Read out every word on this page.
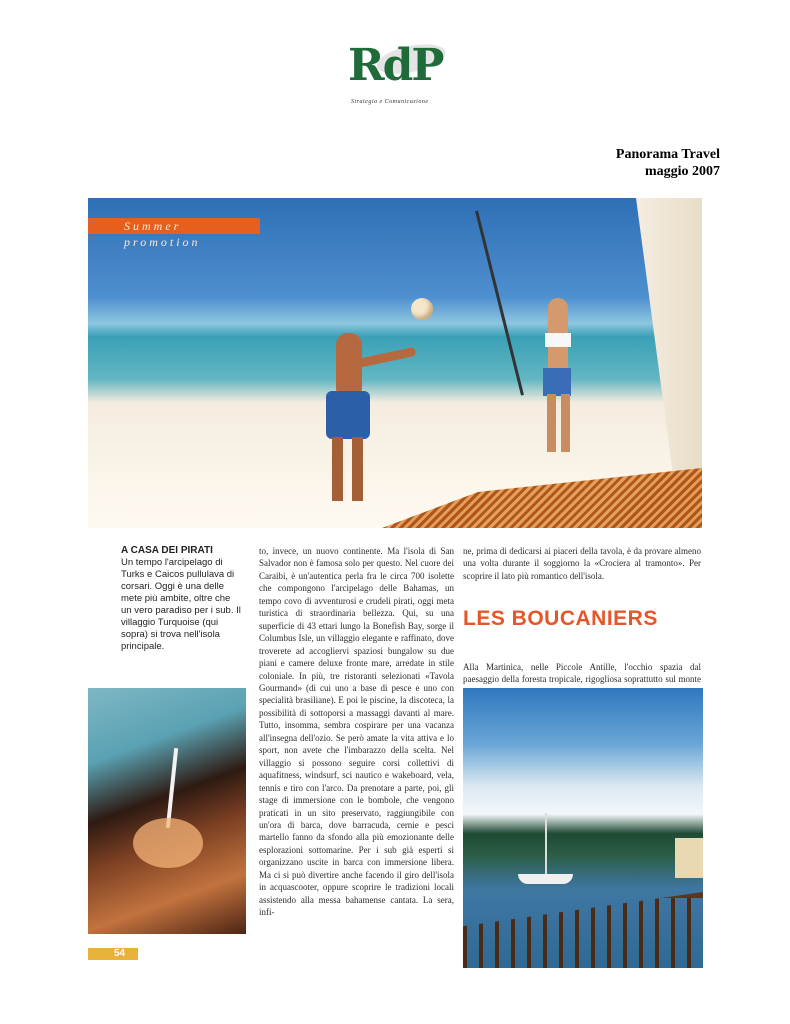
RdP
Strategia e Comunicazione
Panorama Travel
maggio 2007
Summer promotion
A CASA DEI PIRATI
Un tempo l'arcipelago di Turks e Caicos pullulava di corsari. Oggi è una delle mete più ambite, oltre che un vero paradiso per i sub. Il villaggio Turquoise (qui sopra) si trova nell'isola principale.
to, invece, un nuovo continente. Ma l'isola di San Salvador non è famosa solo per questo. Nel cuore dei Caraibi, è un'autentica perla fra le circa 700 isolette che compongono l'arcipelago delle Bahamas, un tempo covo di avventurosi e crudeli pirati, oggi meta turistica di straordinaria bellezza. Qui, su una superficie di 43 ettari lungo la Bonefish Bay, sorge il Columbus Isle, un villaggio elegante e raffinato, dove troverete ad accogliervi spaziosi bungalow su due piani e camere deluxe fronte mare, arredate in stile coloniale. In più, tre ristoranti selezionati «Tavola Gourmand» (di cui uno a base di pesce e uno con specialità brasiliane). E poi le piscine, la discoteca, la possibilità di sottoporsi a massaggi davanti al mare. Tutto, insomma, sembra cospirare per una vacanza all'insegna dell'ozio. Se però amate la vita attiva e lo sport, non avete che l'imbarazzo della scelta. Nel villaggio si possono seguire corsi collettivi di aquafitness, windsurf, sci nautico e wakeboard, vela, tennis e tiro con l'arco. Da prenotare a parte, poi, gli stage di immersione con le bombole, che vengono praticati in un sito preservato, raggiungibile con un'ora di barca, dove barracuda, cernie e pesci martello fanno da sfondo alla più emozionante delle esplorazioni sottomarine. Per i sub già esperti si organizzano uscite in barca con immersione libera. Ma ci si può divertire anche facendo il giro dell'isola in acquascooter, oppure scoprire le tradizioni locali assistendo alla messa bahamense cantata. La sera, infi-
ne, prima di dedicarsi ai piaceri della tavola, è da provare almeno una volta durante il soggiorno la «Crociera al tramonto». Per scoprire il lato più romantico dell'isola.
LES BOUCANIERS
Alla Martinica, nelle Piccole Antille, l'occhio spazia dal paesaggio della foresta tropicale, rigogliosa soprattutto sul monte
54
